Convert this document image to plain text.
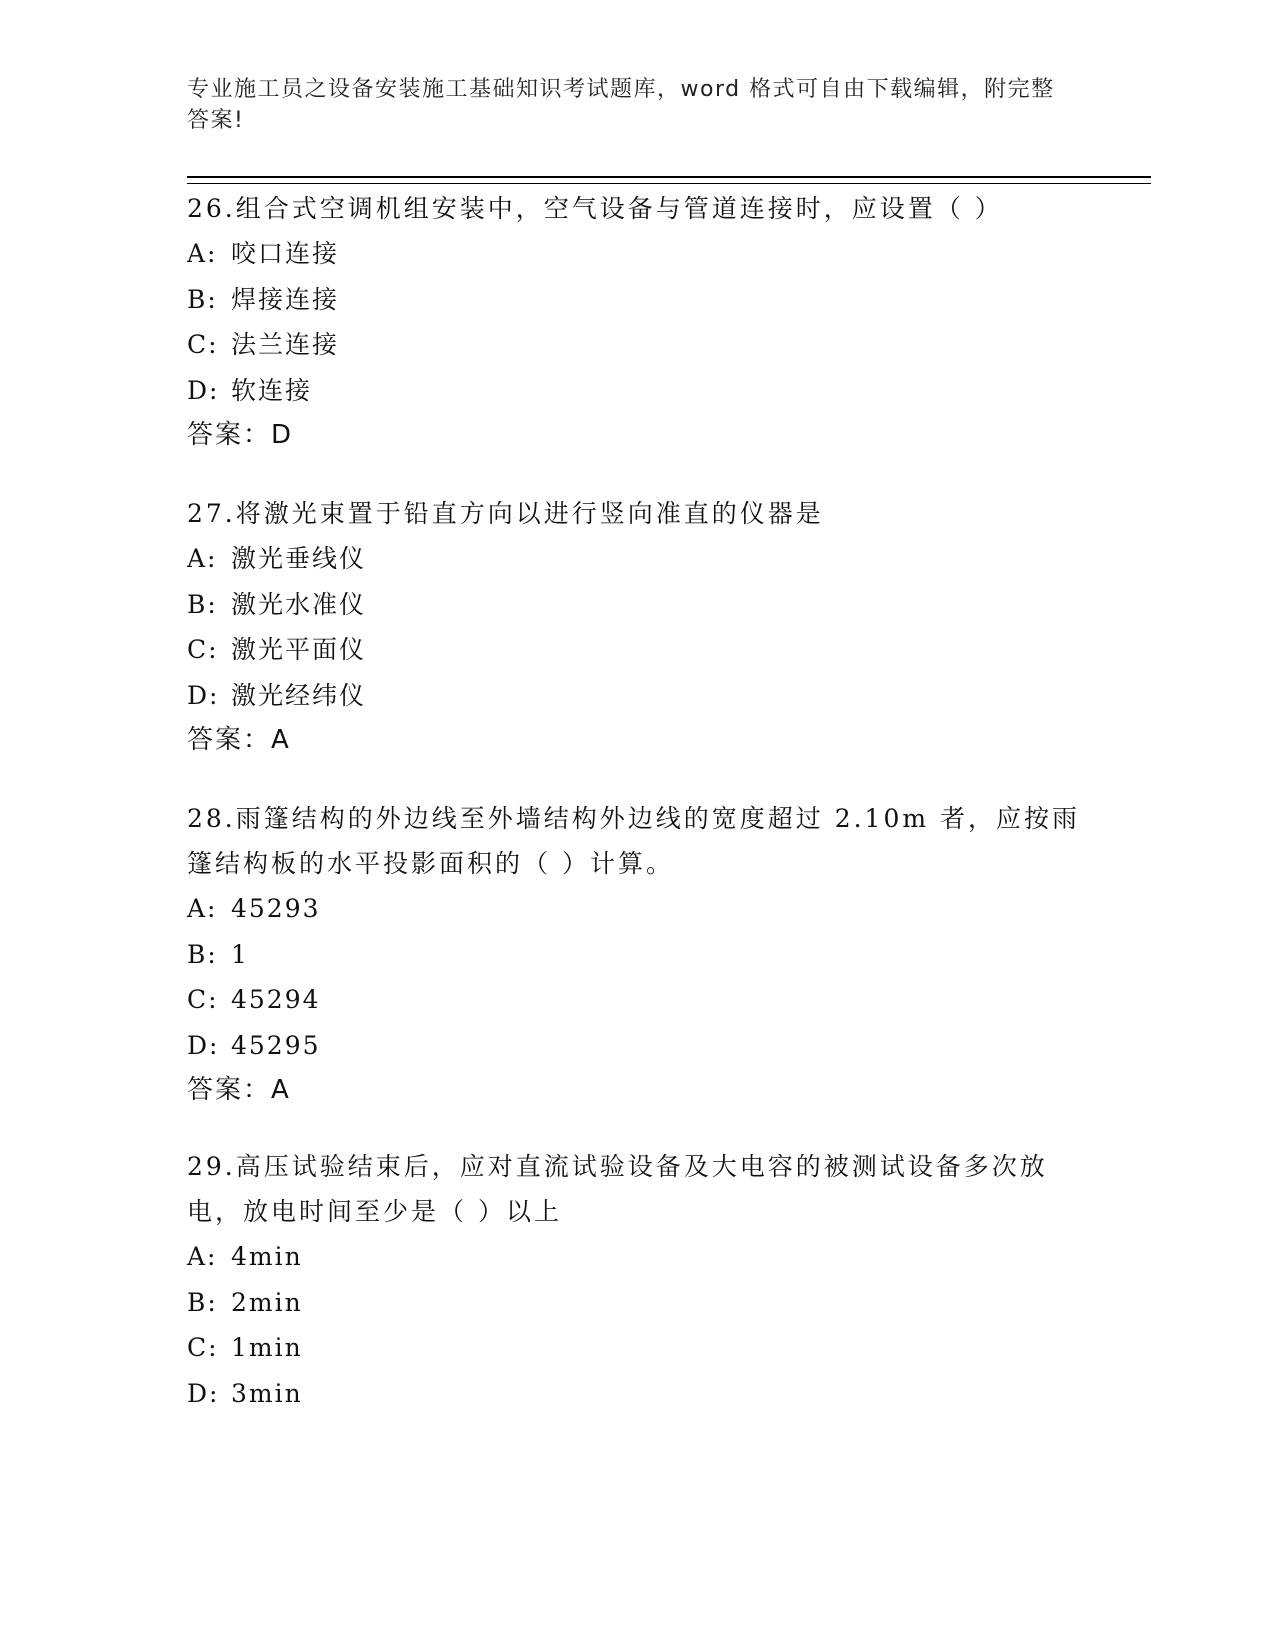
专业施工员之设备安装施工基础知识考试题库，word 格式可自由下载编辑，附完整答案!

26.组合式空调机组安装中，空气设备与管道连接时，应设置（ ）

A: 咬口连接

B: 焊接连接

C: 法兰连接

D: 软连接

答案：D

27.将激光束置于铅直方向以进行竖向准直的仪器是

A: 激光垂线仪

B: 激光水准仪

C: 激光平面仪

D: 激光经纬仪

答案：A

28.雨篷结构的外边线至外墙结构外边线的宽度超过 2.10m 者，应按雨篷结构板的水平投影面积的（ ）计算。

A: 45293

B: 1

C: 45294

D: 45295

答案：A

29.高压试验结束后，应对直流试验设备及大电容的被测试设备多次放电，放电时间至少是（ ）以上

A: 4min

B: 2min

C: 1min

D: 3min
